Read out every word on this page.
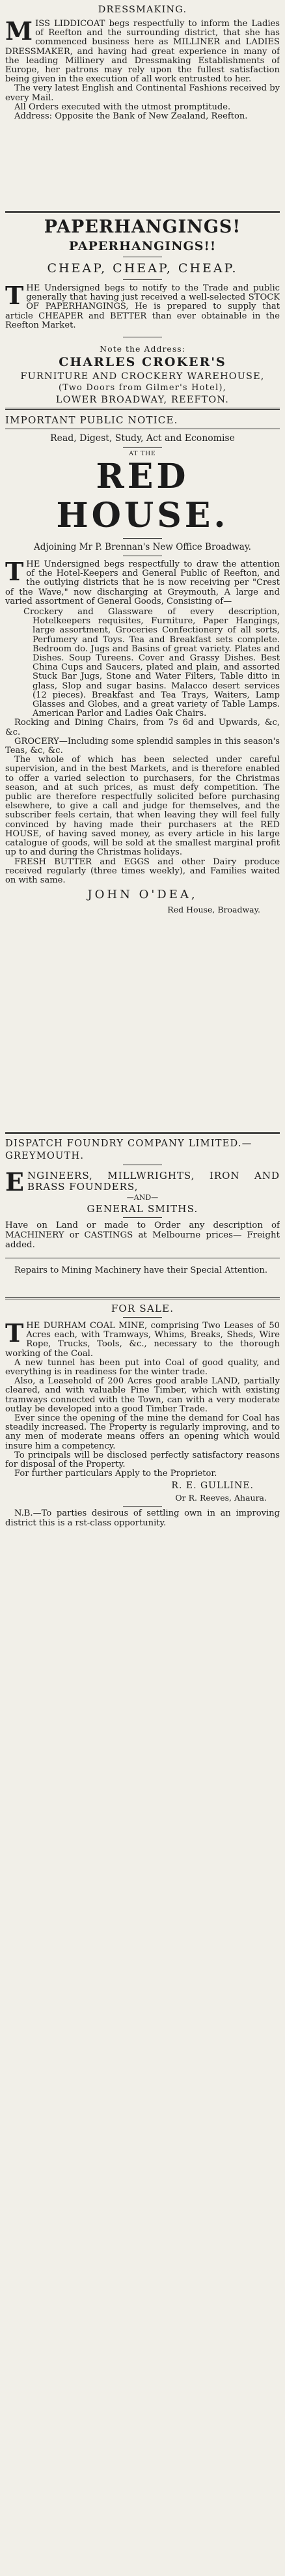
DRESSMAKING.

MISS LIDDICOAT begs respectfully to inform the Ladies of Reefton and the surrounding district, that she has commenced business here as MILLINER and LADIES DRESSMAKER, and having had great experience in many of the leading Millinery and Dressmaking Establishments of Europe, her patrons may rely upon the fullest satisfaction being given in the execution of all work entrusted to her.

The very latest English and Continental Fashions received by every Mail.

All Orders executed with the utmost promptitude.

Address: Opposite the Bank of New Zealand, Reefton.

PAPERHANGINGS!
PAPERHANGINGS!!
CHEAP, CHEAP, CHEAP.

THE Undersigned begs to notify to the Trade and public generally that having just received a well-selected STOCK OF PAPERHANGINGS, He is prepared to supply that article CHEAPER and BETTER than ever obtainable in the Reefton Market.

Note the Address:
CHARLES CROKER'S
FURNITURE AND CROCKERY WAREHOUSE,
(Two Doors from Gilmer's Hotel),
LOWER BROADWAY, REEFTON.
IMPORTANT PUBLIC NOTICE.
Read, Digest, Study, Act and Economise
AT THE
RED HOUSE.
Adjoining Mr P. Brennan's New Office Broadway.

THE Undersigned begs respectfully to draw the attention of the Hotel-Keepers and General Public of Reefton, and the outlying districts that he is now receiving per "Crest of the Wave," now discharging at Greymouth, A large and varied assortment of General Goods, Consisting of—

Crockery and Glassware of every description, Hotelkeepers requisites, Furniture, Paper Hangings, large assortment, Groceries Confectionery of all sorts, Perfumery and Toys. Tea and Breakfast sets complete. Bedroom do. Jugs and Basins of great variety. Plates and Dishes. Soup Tureens. Cover and Grassy Dishes. Best China Cups and Saucers, plated and plain, and assorted Stuck Bar Jugs, Stone and Water Filters, Table ditto in glass, Slop and sugar basins. Malacco desert services (12 pieces). Breakfast and Tea Trays, Waiters, Lamp Glasses and Globes, and a great variety of Table Lamps. American Parlor and Ladies Oak Chairs.

Rocking and Dining Chairs, from 7s 6d and Upwards, &c, &c.

GROCERY—Including some splendid samples in this season's Teas, &c, &c.

The whole of which has been selected under careful supervision, and in the best Markets, and is therefore enabled to offer a varied selection to purchasers, for the Christmas season, and at such prices, as must defy competition. The public are therefore respectfully solicited before purchasing elsewhere, to give a call and judge for themselves, and the subscriber feels certain, that when leaving they will feel fully convinced by having made their purchasers at the RED HOUSE, of having saved money, as every article in his large catalogue of goods, will be sold at the smallest marginal profit up to and during the Christmas holidays.

FRESH BUTTER and EGGS and other Dairy produce received regularly (three times weekly), and Families waited on with same.

JOHN O'DEA,
Red House, Broadway.
DISPATCH FOUNDRY COMPANY LIMITED.—GREYMOUTH.

ENGINEERS, MILLWRIGHTS, IRON AND BRASS FOUNDERS,

—AND—
GENERAL SMITHS.

Have on Land or made to Order any description of MACHINERY or CASTINGS at Melbourne prices— Freight added.

Repairs to Mining Machinery have their Special Attention.

FOR SALE.

THE DURHAM COAL MINE, comprising Two Leases of 50 Acres each, with Tramways, Whims, Breaks, Sheds, Wire Rope, Trucks, Tools, &c., necessary to the thorough working of the Coal.

A new tunnel has been put into Coal of good quality, and everything is in readiness for the winter trade.

Also, a Leasehold of 200 Acres good arable LAND, partially cleared, and with valuable Pine Timber, which with existing tramways connected with the Town, can with a very moderate outlay be developed into a good Timber Trade.

Ever since the opening of the mine the demand for Coal has steadily increased. The Property is regularly improving, and to any men of moderate means offers an opening which would insure him a competency.

To principals will be disclosed perfectly satisfactory reasons for disposal of the Property.

For further particulars Apply to the Proprietor.

R. E. GULLINE.
Or R. Reeves, Ahaura.

N.B.—To parties desirous of settling own in an improving district this is a rst-class opportunity.
